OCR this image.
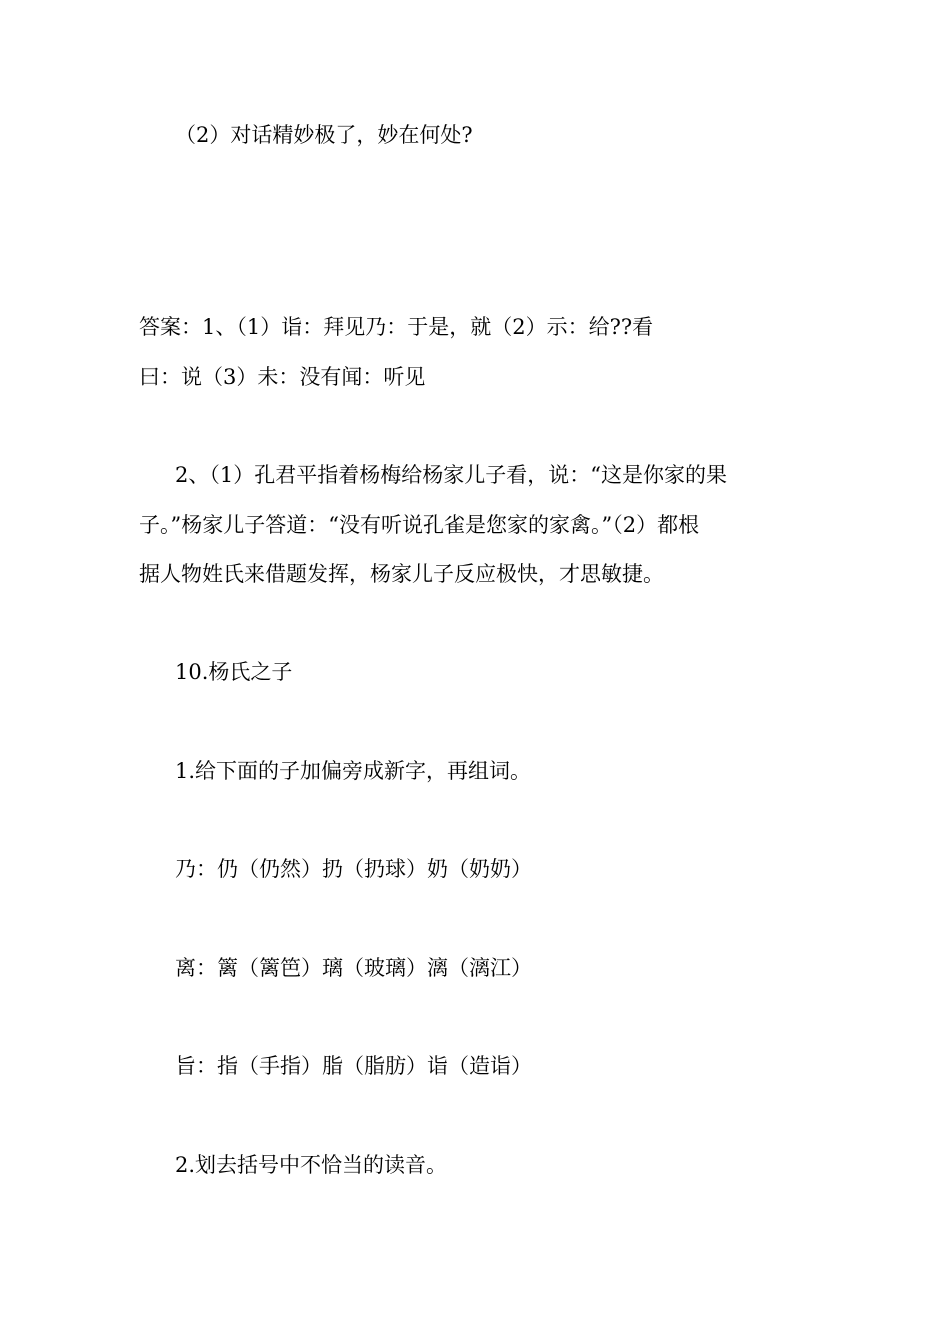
（2）对话精妙极了，妙在何处?
答案：1、（1）诣：拜见乃：于是，就（2）示：给??看
曰：说（3）未：没有闻：听见
2、（1）孔君平指着杨梅给杨家儿子看，说：“这是你家的果
子。”杨家儿子答道：“没有听说孔雀是您家的家禽。”（2）都根
据人物姓氏来借题发挥，杨家儿子反应极快，才思敏捷。
10.杨氏之子
1.给下面的子加偏旁成新字，再组词。
乃：仍（仍然）扔（扔球）奶（奶奶）
离：篱（篱笆）璃（玻璃）漓（漓江）
旨：指（手指）脂（脂肪）诣（造诣）
2.划去括号中不恰当的读音。
